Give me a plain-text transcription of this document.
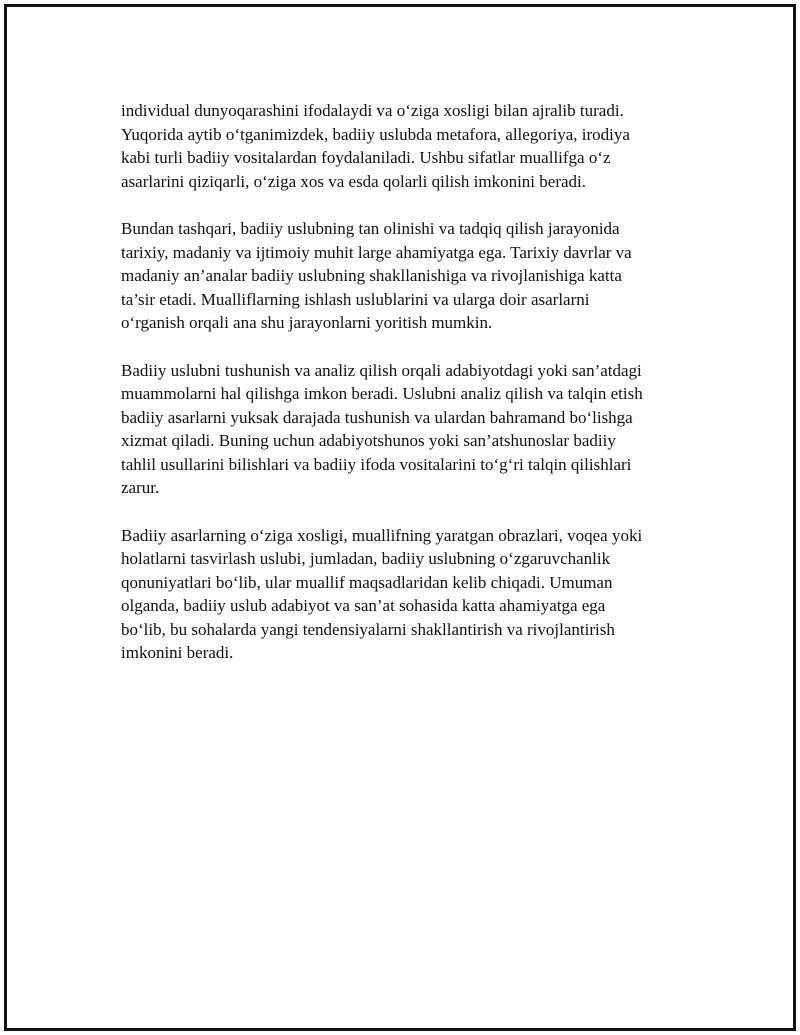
individual dunyoqarashini ifodalaydi va o‘ziga xosligi bilan ajralib turadi.
Yuqorida aytib o‘tganimizdek, badiiy uslubda metafora, allegoriya, irodiya
kabi turli badiiy vositalardan foydalaniladi. Ushbu sifatlar muallifga o‘z
asarlarini qiziqarli, o‘ziga xos va esda qolarli qilish imkonini beradi.

Bundan tashqari, badiiy uslubning tan olinishi va tadqiq qilish jarayonida
tarixiy, madaniy va ijtimoiy muhit large ahamiyatga ega. Tarixiy davrlar va
madaniy an’analar badiiy uslubning shakllanishiga va rivojlanishiga katta
ta’sir etadi. Mualliflarning ishlash uslublarini va ularga doir asarlarni
o‘rganish orqali ana shu jarayonlarni yoritish mumkin.

Badiiy uslubni tushunish va analiz qilish orqali adabiyotdagi yoki san’atdagi
muammolarni hal qilishga imkon beradi. Uslubni analiz qilish va talqin etish
badiiy asarlarni yuksak darajada tushunish va ulardan bahramand bo‘lishga
xizmat qiladi. Buning uchun adabiyotshunos yoki san’atshunoslar badiiy
tahlil usullarini bilishlari va badiiy ifoda vositalarini to‘g‘ri talqin qilishlari
zarur.

Badiiy asarlarning o‘ziga xosligi, muallifning yaratgan obrazlari, voqea yoki
holatlarni tasvirlash uslubi, jumladan, badiiy uslubning o‘zgaruvchanlik
qonuniyatlari bo‘lib, ular muallif maqsadlaridan kelib chiqadi. Umuman
olganda, badiiy uslub adabiyot va san’at sohasida katta ahamiyatga ega
bo‘lib, bu sohalarda yangi tendensiyalarni shakllantirish va rivojlantirish
imkonini beradi.
